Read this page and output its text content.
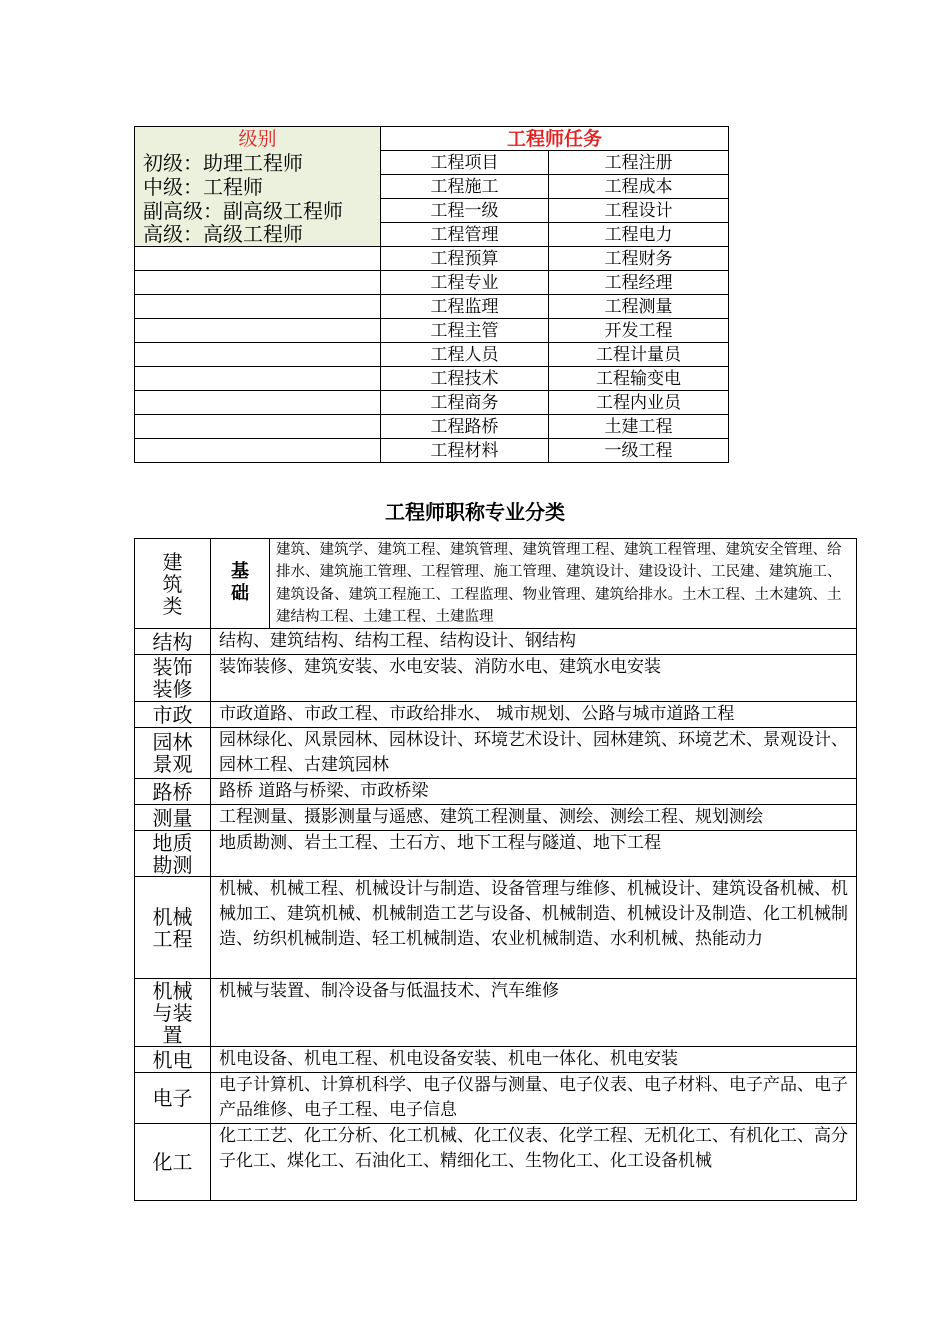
级别	工程师任务	
初级：助理工程师	工程项目	工程注册
中级：工程师	工程施工	工程成本
副高级：副高级工程师	工程一级	工程设计
高级：高级工程师	工程管理	工程电力
	工程预算	工程财务
	工程专业	工程经理
	工程监理	工程测量
	工程主管	开发工程
	工程人员	工程计量员
	工程技术	工程输变电
	工程商务	工程内业员
	工程路桥	土建工程
	工程材料	一级工程
工程师职称专业分类
建筑类	基础	建筑、建筑学、建筑工程、建筑管理、建筑管理工程、建筑工程管理、建筑安全管理、给排水、建筑施工管理、工程管理、施工管理、建筑设计、建设设计、工民建、建筑施工、建筑设备、建筑工程施工、工程监理、物业管理、建筑给排水。土木工程、土木建筑、土建结构工程、土建工程、土建监理
结构	结构、建筑结构、结构工程、结构设计、钢结构	
装饰装修	装饰装修、建筑安装、水电安装、消防水电、建筑水电安装	
市政	市政道路、市政工程、市政给排水、 城市规划、公路与城市道路工程	
园林景观	园林绿化、风景园林、园林设计、环境艺术设计、园林建筑、环境艺术、景观设计、园林工程、古建筑园林	
路桥	路桥 道路与桥梁、市政桥梁	
测量	工程测量、摄影测量与遥感、建筑工程测量、测绘、测绘工程、规划测绘	
地质勘测	地质勘测、岩土工程、土石方、地下工程与隧道、地下工程	
机械工程	机械、机械工程、机械设计与制造、设备管理与维修、机械设计、建筑设备机械、机械加工、建筑机械、机械制造工艺与设备、机械制造、机械设计及制造、化工机械制造、纺织机械制造、轻工机械制造、农业机械制造、水利机械、热能动力	
机械与装置	机械与装置、制冷设备与低温技术、汽车维修	
机电	机电设备、机电工程、机电设备安装、机电一体化、机电安装	
电子	电子计算机、计算机科学、电子仪器与测量、电子仪表、电子材料、电子产品、电子产品维修、电子工程、电子信息	
化工	化工工艺、化工分析、化工机械、化工仪表、化学工程、无机化工、有机化工、高分子化工、煤化工、石油化工、精细化工、生物化工、化工设备机械	
